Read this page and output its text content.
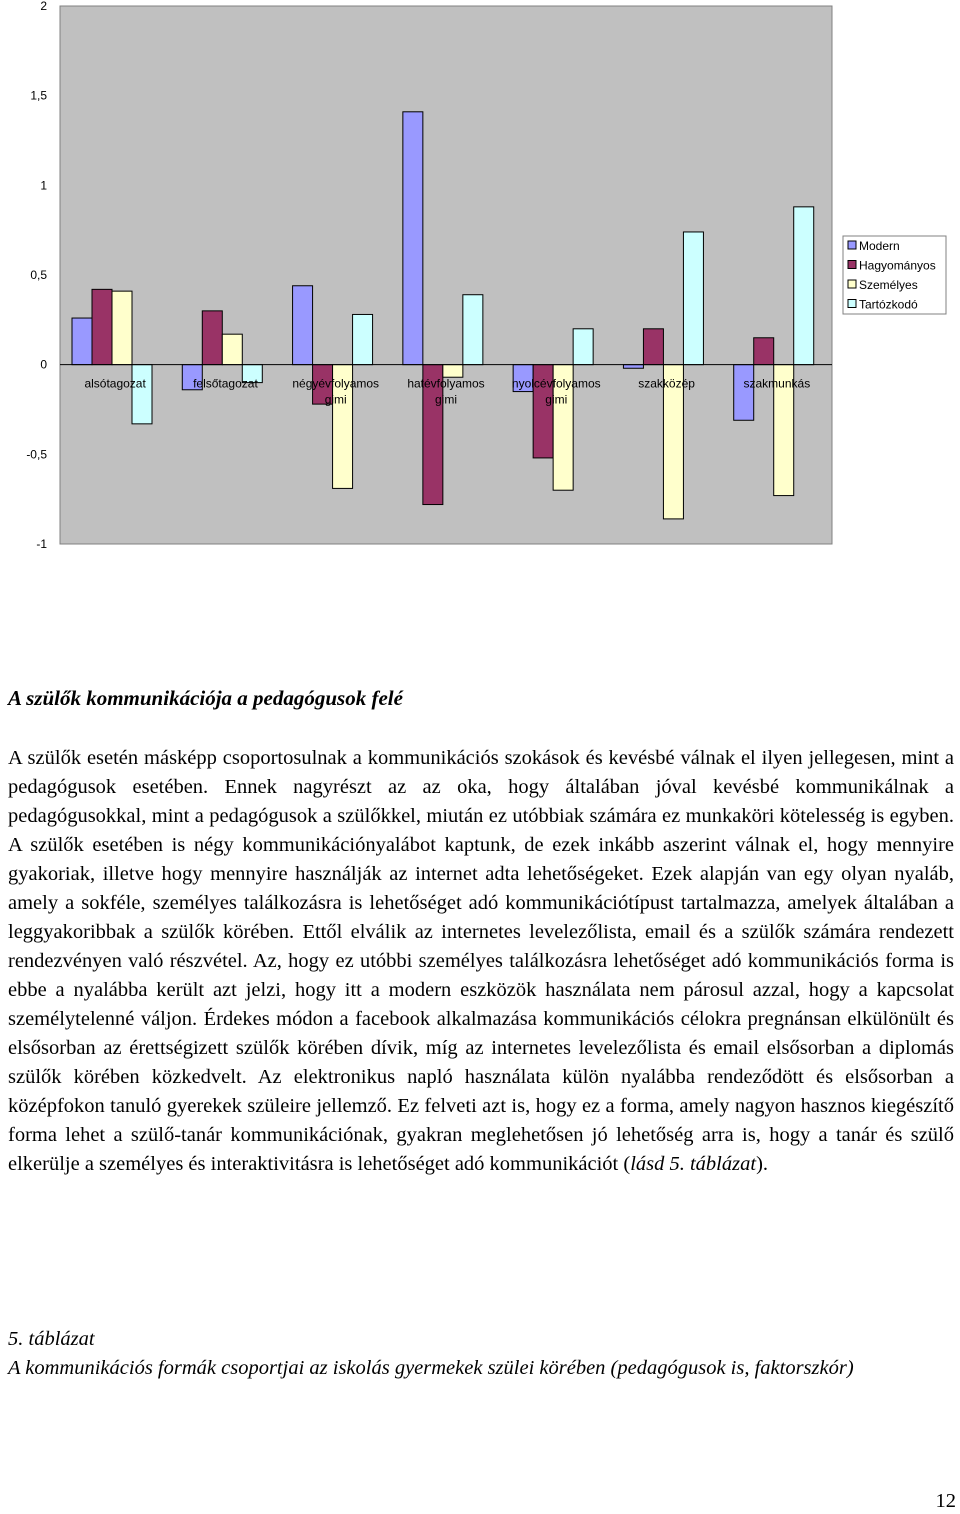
2
1,5
1
0,5
0
-0,5
-1
alsótagozat	felsőtagozat	négyévfolyamos
gimi
hatévfolyamos
gimi
nyolcévfolyamos
gimi
szakközép	szakmunkás
Modern
Hagyományos
Személyes
Tartózkodó
A szülők kommunikációja a pedagógusok felé

A szülők esetén másképp csoportosulnak a kommunikációs szokások és kevésbé válnak el ilyen jellegesen, mint a pedagógusok esetében. Ennek nagyrészt az az oka, hogy általában jóval kevésbé kommunikálnak a pedagógusokkal, mint a pedagógusok a szülőkkel, miután ez utóbbiak számára ez munkaköri kötelesség is egyben. A szülők esetében is négy kommunikációnyalábot kaptunk, de ezek inkább aszerint válnak el, hogy mennyire gyakoriak, illetve hogy mennyire használják az internet adta lehetőségeket. Ezek alapján van egy olyan nyaláb, amely a sokféle, személyes találkozásra is lehetőséget adó kommunikációtípust tartalmazza, amelyek általában a leggyakoribbak a szülők körében. Ettől elválik az internetes levelezőlista, email és a szülők számára rendezett rendezvényen való részvétel. Az, hogy ez utóbbi személyes találkozásra lehetőséget adó kommunikációs forma is ebbe a nyalábba került azt jelzi, hogy itt a modern eszközök használata nem párosul azzal, hogy a kapcsolat személytelenné váljon. Érdekes módon a facebook alkalmazása kommunikációs célokra pregnánsan elkülönült és elsősorban az érettségizett szülők körében dívik, míg az internetes levelezőlista és email elsősorban a diplomás szülők körében közkedvelt. Az elektronikus napló használata külön nyalábba rendeződött és elsősorban a középfokon tanuló gyerekek szüleire jellemző. Ez felveti azt is, hogy ez a forma, amely nagyon hasznos kiegészítő forma lehet a szülő-tanár kommunikációnak, gyakran meglehetősen jó lehetőség arra is, hogy a tanár és szülő elkerülje a személyes és interaktivitásra is lehetőséget adó kommunikációt (lásd 5. táblázat).

5. táblázat
A kommunikációs formák csoportjai az iskolás gyermekek szülei körében (pedagógusok is, faktorszkór)

12
